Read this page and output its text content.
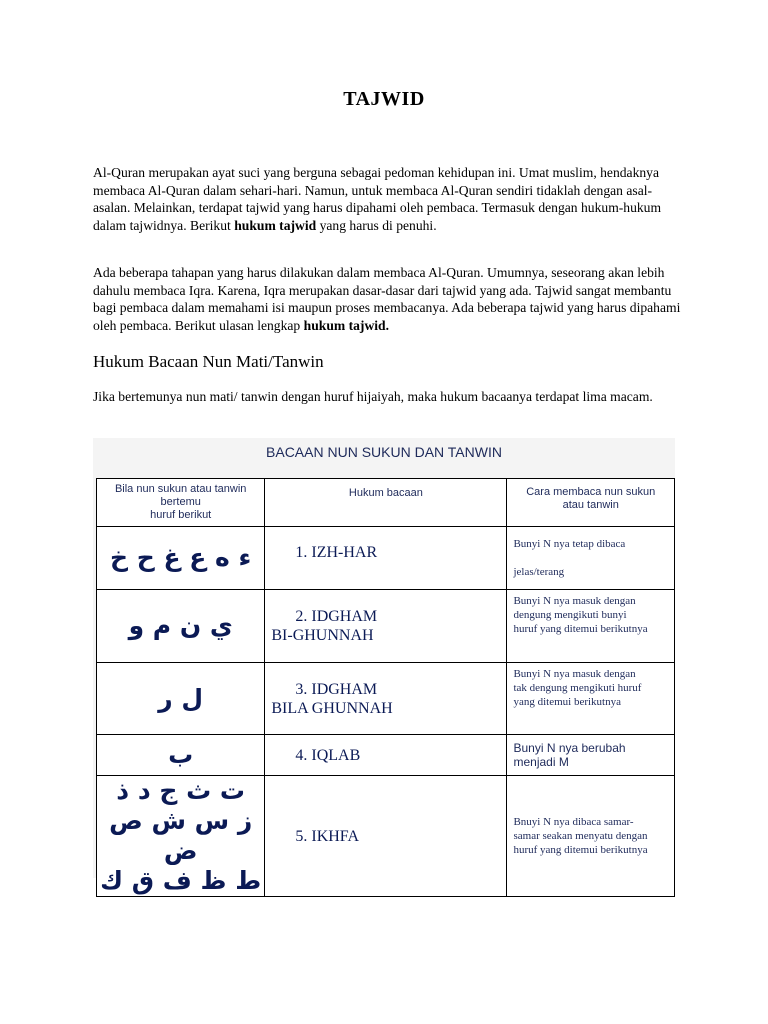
TAJWID
Al-Quran merupakan ayat suci yang berguna sebagai pedoman kehidupan ini. Umat muslim, hendaknya membaca Al-Quran dalam sehari-hari. Namun, untuk membaca Al-Quran sendiri tidaklah dengan asal-asalan. Melainkan, terdapat tajwid yang harus dipahami oleh pembaca. Termasuk dengan hukum-hukum dalam tajwidnya. Berikut hukum tajwid yang harus di penuhi.
Ada beberapa tahapan yang harus dilakukan dalam membaca Al-Quran. Umumnya, seseorang akan lebih dahulu membaca Iqra. Karena, Iqra merupakan dasar-dasar dari tajwid yang ada. Tajwid sangat membantu bagi pembaca dalam memahami isi maupun proses membacanya. Ada beberapa tajwid yang harus dipahami oleh pembaca. Berikut ulasan lengkap hukum tajwid.
Hukum Bacaan Nun Mati/Tanwin
Jika bertemunya nun mati/ tanwin dengan huruf hijaiyah, maka hukum bacaanya terdapat lima macam.
BACAAN NUN SUKUN DAN TANWIN
Bila nun sukun atau tanwin
bertemu
huruf berikut	Hukum bacaan	Cara membaca nun sukun
atau tanwin

ء ه ع غ ح خ	1. IZH-HAR	Bunyi N nya tetap dibaca
jelas/terang

ي ن م و	2. IDGHAM
BI-GHUNNAH	Bunyi N nya masuk dengan
dengung mengikuti bunyi
huruf yang ditemui berikutnya

ل ر	3. IDGHAM
BILA GHUNNAH	Bunyi N nya masuk dengan
tak dengung mengikuti huruf
yang ditemui berikutnya

ب	4. IQLAB	Bunyi N nya berubah
menjadi M

ت ث ج د ذ
ز س ش ص ض
ط ظ ف ق ك	5. IKHFA	Bnuyi N nya dibaca samar-
samar seakan menyatu dengan
huruf yang ditemui berikutnya
